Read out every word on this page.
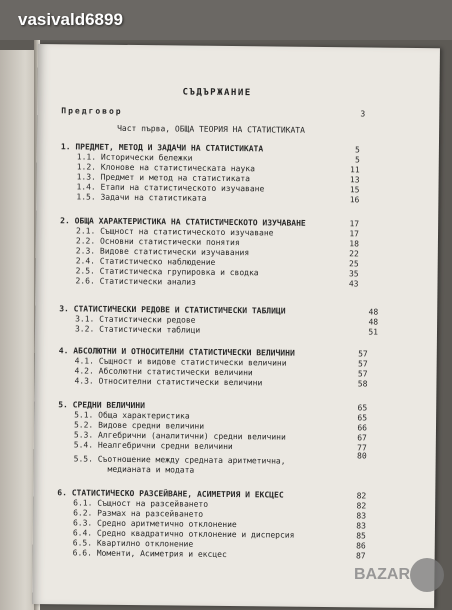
СЪДЪРЖАНИЕ
Предговор	3
Част първа, ОБЩА ТЕОРИЯ НА СТАТИСТИКАТА
1. ПРЕДМЕТ, МЕТОД И ЗАДАЧИ НА СТАТИСТИКАТА	5
1.1. Исторически бележки	5
1.2. Клонове на статистическата наука	11
1.3. Предмет и метод на статистиката	13
1.4. Етапи на статистическото изучаване	15
1.5. Задачи на статистиката	16
2. ОБЩА ХАРАКТЕРИСТИКА НА СТАТИСТИЧЕСКОТО ИЗУЧАВАНЕ	17
2.1. Същност на статистическото изучаване	17
2.2. Основни статистически понятия	18
2.3. Видове статистически изучавания	22
2.4. Статистическо наблюдение	25
2.5. Статистическа групировка и сводка	35
2.6. Статистически анализ	43
3. СТАТИСТИЧЕСКИ РЕДОВЕ И СТАТИСТИЧЕСКИ ТАБЛИЦИ	48
3.1. Статистически редове	48
3.2. Статистически таблици	51
4. АБСОЛЮТНИ И ОТНОСИТЕЛНИ СТАТИСТИЧЕСКИ ВЕЛИЧИНИ	57
4.1. Същност и видове статистически величини	57
4.2. Абсолютни статистически величини	57
4.3. Относителни статистически величини	58
5. СРЕДНИ ВЕЛИЧИНИ	65
5.1. Обща характеристика	65
5.2. Видове средни величини	66
5.3. Алгебрични (аналитични) средни величини	67
5.4. Неалгебрични средни величини	77
5.5. Съотношение между средната аритметична,	80
медианата и модата
6. СТАТИСТИЧЕСКО РАЗСЕЙВАНЕ, АСИМЕТРИЯ И ЕКСЦЕС	82
6.1. Същност на разсейването	82
6.2. Размах на разсейването	83
6.3. Средно аритметично отклонение	83
6.4. Средно квадратично отклонение и дисперсия	85
6.5. Квартилно отклонение	86
6.6. Моменти, Асиметрия и ексцес	87
vasivald6899
BAZAR
